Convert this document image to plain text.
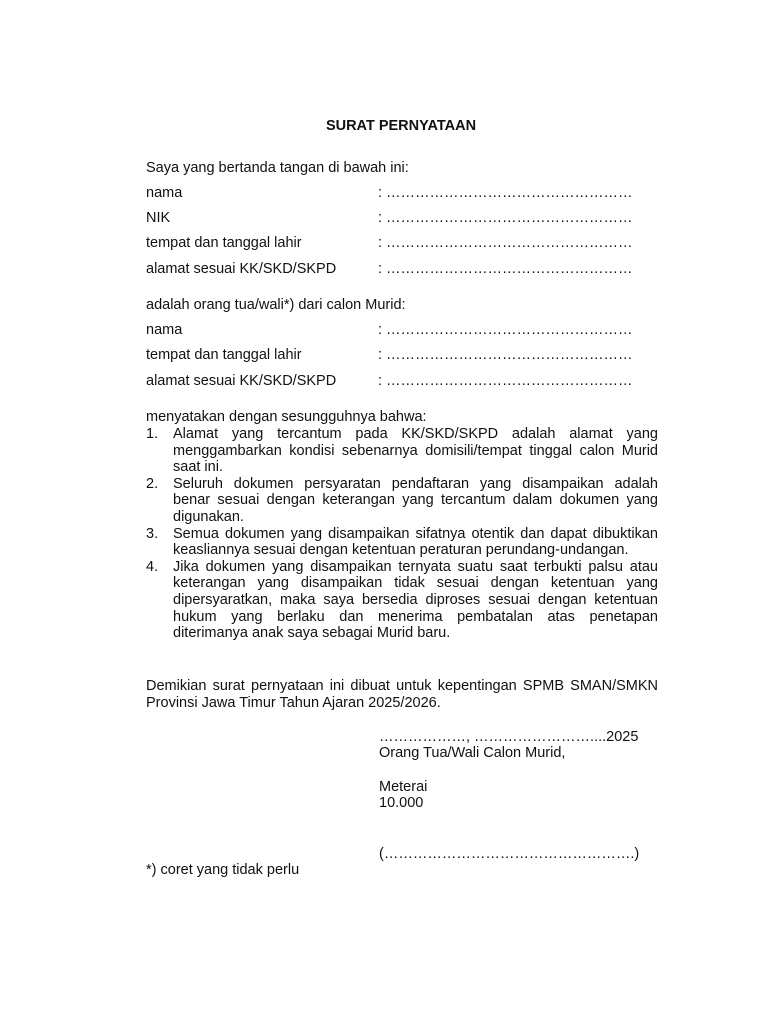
SURAT PERNYATAAN
Saya yang bertanda tangan di bawah ini:
nama	: ……………………………………………
NIK	: ……………………………………………
tempat dan tanggal lahir	: ……………………………………………
alamat sesuai KK/SKD/SKPD	: ……………………………………………
adalah orang tua/wali*) dari calon Murid:
nama	: ……………………………………………
tempat dan tanggal lahir	: ……………………………………………
alamat sesuai KK/SKD/SKPD	: ……………………………………………
menyatakan dengan sesungguhnya bahwa:
1. Alamat yang tercantum pada KK/SKD/SKPD adalah alamat yang menggambarkan kondisi sebenarnya domisili/tempat tinggal calon Murid saat ini.
2. Seluruh dokumen persyaratan pendaftaran yang disampaikan adalah benar sesuai dengan keterangan yang tercantum dalam dokumen yang digunakan.
3. Semua dokumen yang disampaikan sifatnya otentik dan dapat dibuktikan keasliannya sesuai dengan ketentuan peraturan perundang-undangan.
4. Jika dokumen yang disampaikan ternyata suatu saat terbukti palsu atau keterangan yang disampaikan tidak sesuai dengan ketentuan yang dipersyaratkan, maka saya bersedia diproses sesuai dengan ketentuan hukum yang berlaku dan menerima pembatalan atas penetapan diterimanya anak saya sebagai Murid baru.
Demikian surat pernyataan ini dibuat untuk kepentingan SPMB SMAN/SMKN Provinsi Jawa Timur Tahun Ajaran 2025/2026.
………………, ……………………....2025
Orang Tua/Wali Calon Murid,
Meterai
10.000
(…………………………………………….)
*) coret yang tidak perlu
